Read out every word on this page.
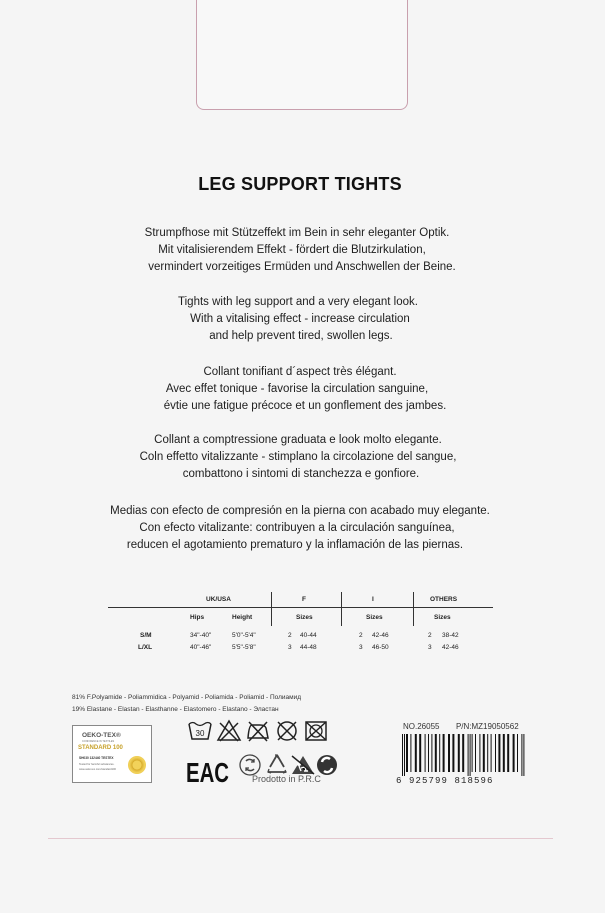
LEG SUPPORT TIGHTS
Strumpfhose mit Stützeffekt im Bein in sehr eleganter Optik.
Mit vitalisierendem Effekt - fördert die Blutzirkulation,
vermindert vorzeitiges Ermüden und Anschwellen der Beine.
Tights with leg support and a very elegant look.
With a vitalising effect - increase circulation
and help prevent tired, swollen legs.
Collant tonifiant d´aspect très élégant.
Avec effet tonique - favorise la circulation sanguine,
évtie une fatigue précoce et un gonflement des jambes.
Collant a comptressione graduata e look molto elegante.
Coln effetto vitalizzante - stimplano la circolazione del sangue,
combattono i sintomi di stanchezza e gonfiore.
Medias con efecto de compresión en la pierna con acabado muy elegante.
Con efecto vitalizante: contribuyen a la circulación sanguínea,
reducen el agotamiento prematuro y la inflamación de las piernas.
UK/USA	F	I	OTHERS
Hips	Height	Sizes	Sizes	Sizes
S/M	34"-40"	5'0"-5'4"	2 40-44	2 42-46	2 38-42
L/XL	40"-46"	5'5"-5'8"	3 44-48	3 46-50	3 42-46
81% F.Polyamide - Poliammidica - Polyamid - Poliamida - Poliamid - Полиамид
19% Elastane - Elastan - Elasthanne - Elastomero - Elastano - Эластан
OEKO-TEX®
CONFIDENCE IN TEXTILES
STANDARD 100
SH030 132440 TESTEX
Tested for harmful substances.
www.oeko-tex.com/standard100
30
EAC	Prodotto in P.R.C
NO.26055 P/N:MZ19050562
6 925799 818596
